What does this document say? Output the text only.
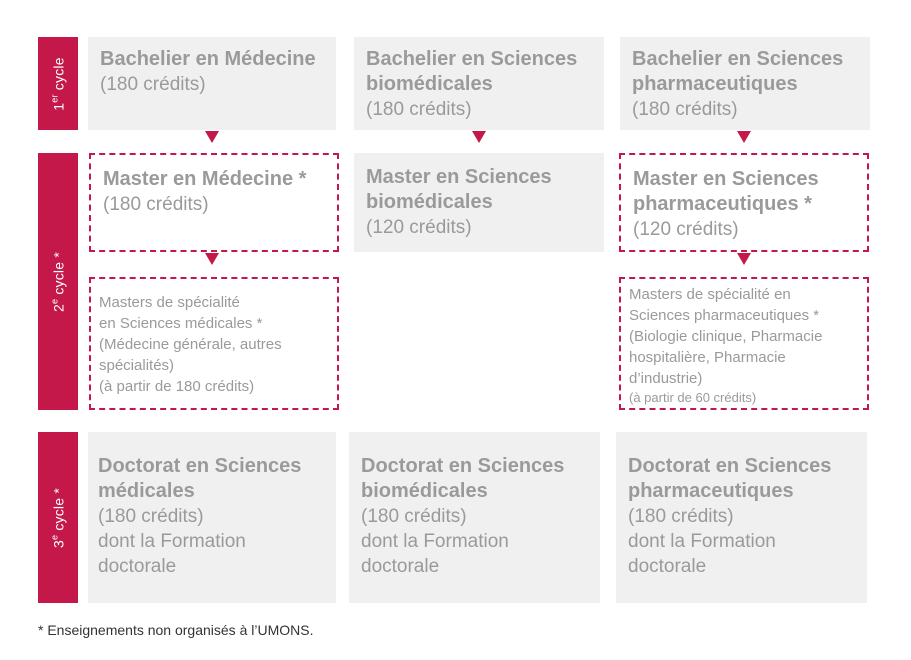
1er cycle
2e cycle *
3e cycle *
Bachelier en Médecine
(180 crédits)
Bachelier en Sciences
biomédicales
(180 crédits)
Bachelier en Sciences
pharmaceutiques
(180 crédits)
Master en Médecine *
(180 crédits)
Master en Sciences
biomédicales
(120 crédits)
Master en Sciences
pharmaceutiques *
(120 crédits)
Masters de spécialité
en Sciences médicales *
(Médecine générale, autres
spécialités)
(à partir de 180 crédits)
Masters de spécialité en
Sciences pharmaceutiques *
(Biologie clinique, Pharmacie
hospitalière, Pharmacie
d’industrie)
(à partir de 60 crédits)
Doctorat en Sciences
médicales
(180 crédits)
dont la Formation
doctorale
Doctorat en Sciences
biomédicales
(180 crédits)
dont la Formation
doctorale
Doctorat en Sciences
pharmaceutiques
(180 crédits)
dont la Formation
doctorale
* Enseignements non organisés à l’UMONS.
